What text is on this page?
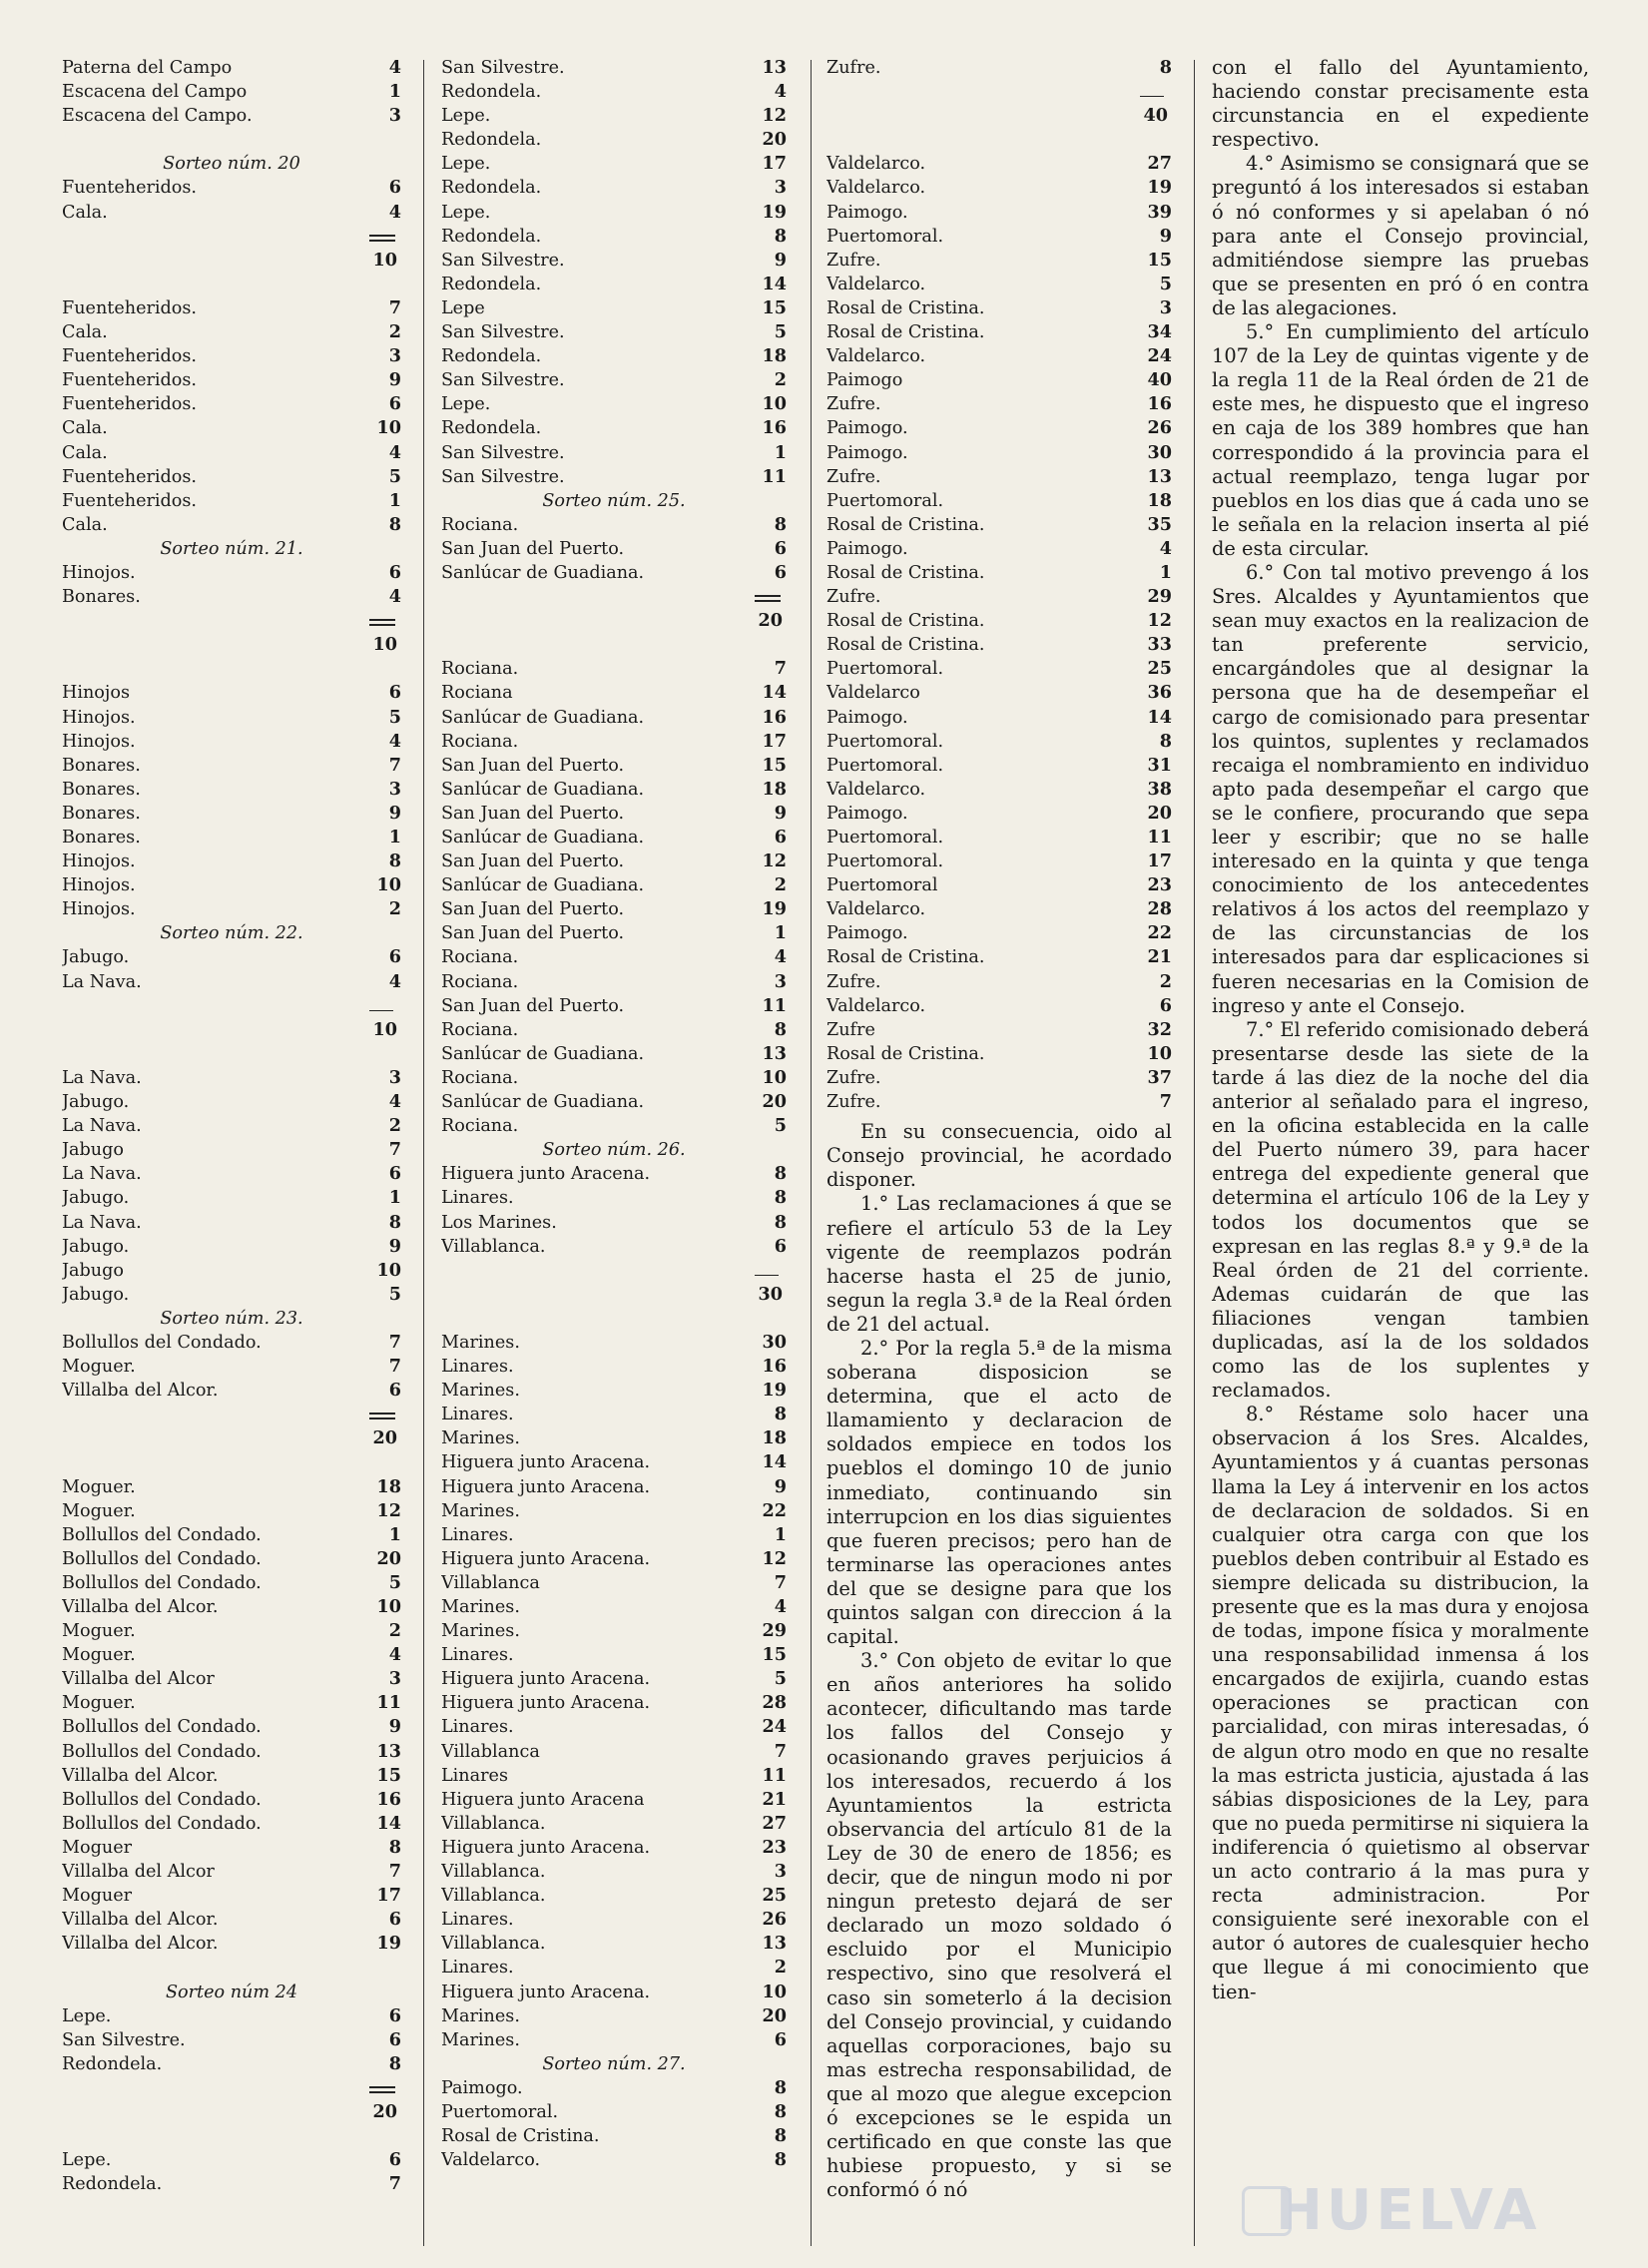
Paterna del Campo	4
Escacena del Campo	1
Escacena del Campo.	3
Sorteo núm. 20
Fuenteheridos.	6
Cala.	4
10
Fuenteheridos.	7
Cala.	2
Fuenteheridos.	3
Fuenteheridos.	9
Fuenteheridos.	6
Cala.	10
Cala.	4
Fuenteheridos.	5
Fuenteheridos.	1
Cala.	8
Sorteo núm. 21.
Hinojos.	6
Bonares.	4
10
Hinojos	6
Hinojos.	5
Hinojos.	4
Bonares.	7
Bonares.	3
Bonares.	9
Bonares.	1
Hinojos.	8
Hinojos.	10
Hinojos.	2
Sorteo núm. 22.
Jabugo.	6
La Nava.	4
10
La Nava.	3
Jabugo.	4
La Nava.	2
Jabugo	7
La Nava.	6
Jabugo.	1
La Nava.	8
Jabugo.	9
Jabugo	10
Jabugo.	5
Sorteo núm. 23.
Bollullos del Condado.	7
Moguer.	7
Villalba del Alcor.	6
20
Moguer.	18
Moguer.	12
Bollullos del Condado.	1
Bollullos del Condado.	20
Bollullos del Condado.	5
Villalba del Alcor.	10
Moguer.	2
Moguer.	4
Villalba del Alcor	3
Moguer.	11
Bollullos del Condado.	9
Bollullos del Condado.	13
Villalba del Alcor.	15
Bollullos del Condado.	16
Bollullos del Condado.	14
Moguer	8
Villalba del Alcor	7
Moguer	17
Villalba del Alcor.	6
Villalba del Alcor.	19
Sorteo núm 24
Lepe.	6
San Silvestre.	6
Redondela.	8
20
Lepe.	6
Redondela.	7
San Silvestre.	13
Redondela.	4
Lepe.	12
Redondela.	20
Lepe.	17
Redondela.	3
Lepe.	19
Redondela.	8
San Silvestre.	9
Redondela.	14
Lepe	15
San Silvestre.	5
Redondela.	18
San Silvestre.	2
Lepe.	10
Redondela.	16
San Silvestre.	1
San Silvestre.	11
Sorteo núm. 25.
Rociana.	8
San Juan del Puerto.	6
Sanlúcar de Guadiana.	6
20
Rociana.	7
Rociana	14
Sanlúcar de Guadiana.	16
Rociana.	17
San Juan del Puerto.	15
Sanlúcar de Guadiana.	18
San Juan del Puerto.	9
Sanlúcar de Guadiana.	6
San Juan del Puerto.	12
Sanlúcar de Guadiana.	2
San Juan del Puerto.	19
San Juan del Puerto.	1
Rociana.	4
Rociana.	3
San Juan del Puerto.	11
Rociana.	8
Sanlúcar de Guadiana.	13
Rociana.	10
Sanlúcar de Guadiana.	20
Rociana.	5
Sorteo núm. 26.
Higuera junto Aracena.	8
Linares.	8
Los Marines.	8
Villablanca.	6
30
Marines.	30
Linares.	16
Marines.	19
Linares.	8
Marines.	18
Higuera junto Aracena.	14
Higuera junto Aracena.	9
Marines.	22
Linares.	1
Higuera junto Aracena.	12
Villablanca	7
Marines.	4
Marines.	29
Linares.	15
Higuera junto Aracena.	5
Higuera junto Aracena.	28
Linares.	24
Villablanca	7
Linares	11
Higuera junto Aracena	21
Villablanca.	27
Higuera junto Aracena.	23
Villablanca.	3
Villablanca.	25
Linares.	26
Villablanca.	13
Linares.	2
Higuera junto Aracena.	10
Marines.	20
Marines.	6
Sorteo núm. 27.
Paimogo.	8
Puertomoral.	8
Rosal de Cristina.	8
Valdelarco.	8
Zufre.	8
40
Valdelarco.	27
Valdelarco.	19
Paimogo.	39
Puertomoral.	9
Zufre.	15
Valdelarco.	5
Rosal de Cristina.	3
Rosal de Cristina.	34
Valdelarco.	24
Paimogo	40
Zufre.	16
Paimogo.	26
Paimogo.	30
Zufre.	13
Puertomoral.	18
Rosal de Cristina.	35
Paimogo.	4
Rosal de Cristina.	1
Zufre.	29
Rosal de Cristina.	12
Rosal de Cristina.	33
Puertomoral.	25
Valdelarco	36
Paimogo.	14
Puertomoral.	8
Puertomoral.	31
Valdelarco.	38
Paimogo.	20
Puertomoral.	11
Puertomoral.	17
Puertomoral	23
Valdelarco.	28
Paimogo.	22
Rosal de Cristina.	21
Zufre.	2
Valdelarco.	6
Zufre	32
Rosal de Cristina.	10
Zufre.	37
Zufre.	7

En su consecuencia, oido al Consejo provincial, he acordado disponer.

1.° Las reclamaciones á que se refiere el artículo 53 de la Ley vigente de reemplazos podrán hacerse hasta el 25 de junio, segun la regla 3.ª de la Real órden de 21 del actual.

2.° Por la regla 5.ª de la misma soberana disposicion se determina, que el acto de llamamiento y declaracion de soldados empiece en todos los pueblos el domingo 10 de junio inmediato, continuando sin interrupcion en los dias siguientes que fueren precisos; pero han de terminarse las operaciones antes del que se designe para que los quintos salgan con direccion á la capital.

3.° Con objeto de evitar lo que en años anteriores ha solido acontecer, dificultando mas tarde los fallos del Consejo y ocasionando graves perjuicios á los interesados, recuerdo á los Ayuntamientos la estricta observancia del artículo 81 de la Ley de 30 de enero de 1856; es decir, que de ningun modo ni por ningun pretesto dejará de ser declarado un mozo soldado ó escluido por el Municipio respectivo, sino que resolverá el caso sin someterlo á la decision del Consejo provincial, y cuidando aquellas corporaciones, bajo su mas estrecha responsabilidad, de que al mozo que alegue excepcion ó excepciones se le espida un certificado en que conste las que hubiese propuesto, y si se conformó ó nó

con el fallo del Ayuntamiento, haciendo constar precisamente esta circunstancia en el expediente respectivo.

4.° Asimismo se consignará que se preguntó á los interesados si estaban ó nó conformes y si apelaban ó nó para ante el Consejo provincial, admitiéndose siempre las pruebas que se presenten en pró ó en contra de las alegaciones.

5.° En cumplimiento del artículo 107 de la Ley de quintas vigente y de la regla 11 de la Real órden de 21 de este mes, he dispuesto que el ingreso en caja de los 389 hombres que han correspondido á la provincia para el actual reemplazo, tenga lugar por pueblos en los dias que á cada uno se le señala en la relacion inserta al pié de esta circular.

6.° Con tal motivo prevengo á los Sres. Alcaldes y Ayuntamientos que sean muy exactos en la realizacion de tan preferente servicio, encargándoles que al designar la persona que ha de desempeñar el cargo de comisionado para presentar los quintos, suplentes y reclamados recaiga el nombramiento en individuo apto pada desempeñar el cargo que se le confiere, procurando que sepa leer y escribir; que no se halle interesado en la quinta y que tenga conocimiento de los antecedentes relativos á los actos del reemplazo y de las circunstancias de los interesados para dar esplicaciones si fueren necesarias en la Comision de ingreso y ante el Consejo.

7.° El referido comisionado deberá presentarse desde las siete de la tarde á las diez de la noche del dia anterior al señalado para el ingreso, en la oficina establecida en la calle del Puerto número 39, para hacer entrega del expediente general que determina el artículo 106 de la Ley y todos los documentos que se expresan en las reglas 8.ª y 9.ª de la Real órden de 21 del corriente. Ademas cuidarán de que las filiaciones vengan tambien duplicadas, así la de los soldados como las de los suplentes y reclamados.

8.° Réstame solo hacer una observacion á los Sres. Alcaldes, Ayuntamientos y á cuantas personas llama la Ley á intervenir en los actos de declaracion de soldados. Si en cualquier otra carga con que los pueblos deben contribuir al Estado es siempre delicada su distribucion, la presente que es la mas dura y enojosa de todas, impone física y moralmente una responsabilidad inmensa á los encargados de exijirla, cuando estas operaciones se practican con parcialidad, con miras interesadas, ó de algun otro modo en que no resalte la mas estricta justicia, ajustada á las sábias disposiciones de la Ley, para que no pueda permitirse ni siquiera la indiferencia ó quietismo al observar un acto contrario á la mas pura y recta administracion. Por consiguiente seré inexorable con el autor ó autores de cualesquier hecho que llegue á mi conocimiento que tien-

HUELVA
